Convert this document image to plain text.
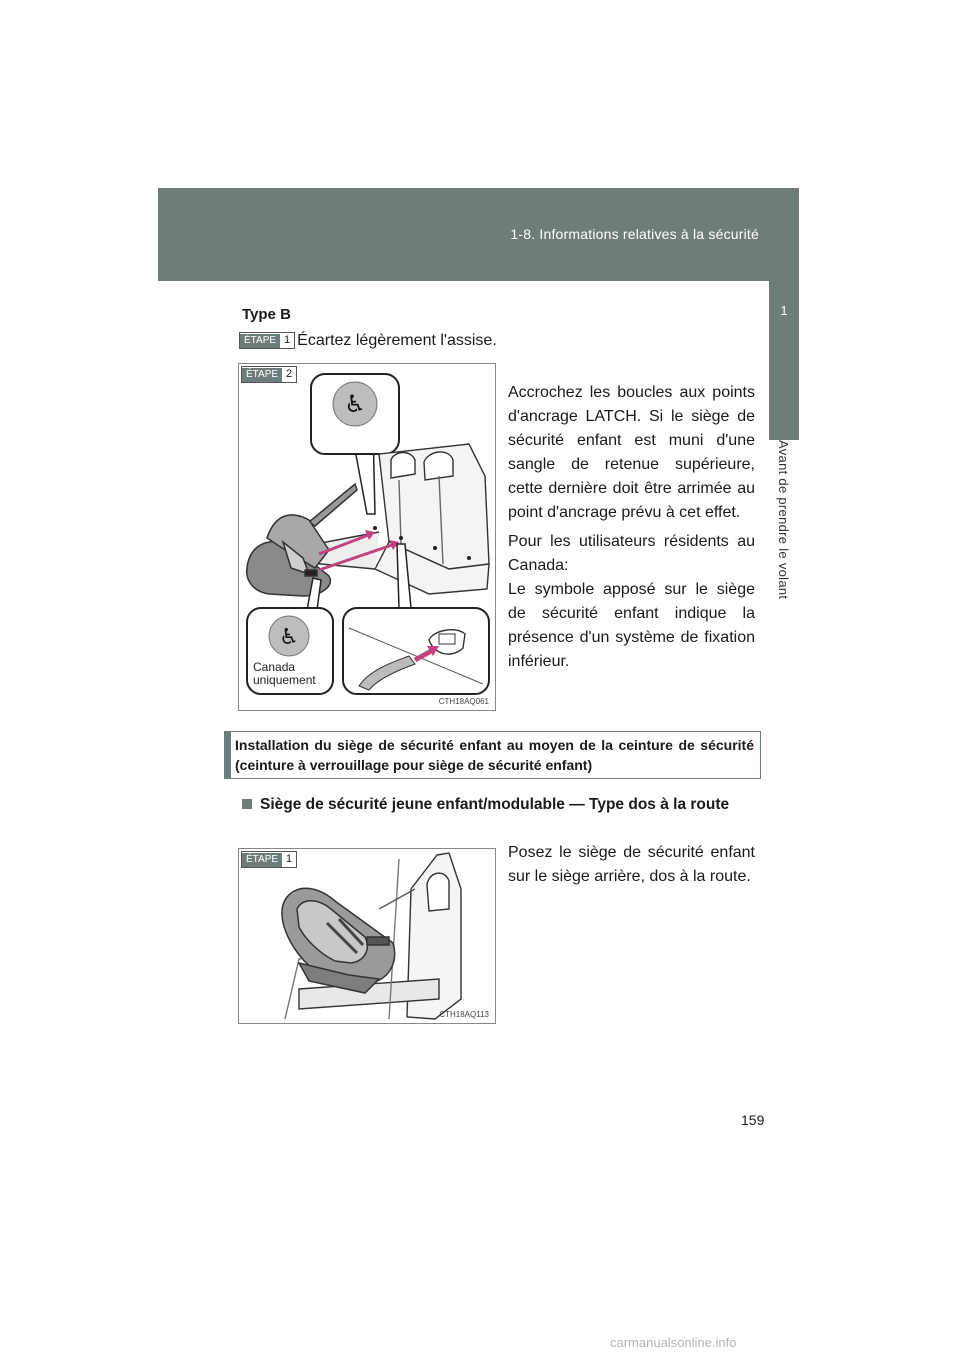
1-8. Informations relatives à la sécurité
1
Avant de prendre le volant
Type B
ÉTAPE 1 Écartez légèrement l'assise.
♿
♿
ÉTAPE 2
Canada
uniquement
CTH18AQ061
Accrochez les boucles aux points d'ancrage LATCH. Si le siège de sécurité enfant est muni d'une sangle de retenue supérieure, cette dernière doit être arrimée au point d'ancrage prévu à cet effet.
Pour les utilisateurs résidents au Canada:
Le symbole apposé sur le siège de sécurité enfant indique la présence d'un système de fixation inférieur.
Installation du siège de sécurité enfant au moyen de la ceinture de sécurité (ceinture à verrouillage pour siège de sécurité enfant)
Siège de sécurité jeune enfant/modulable — Type dos à la route
ÉTAPE 1
CTH18AQ113
Posez le siège de sécurité enfant sur le siège arrière, dos à la route.
159
carmanualsonline.info
